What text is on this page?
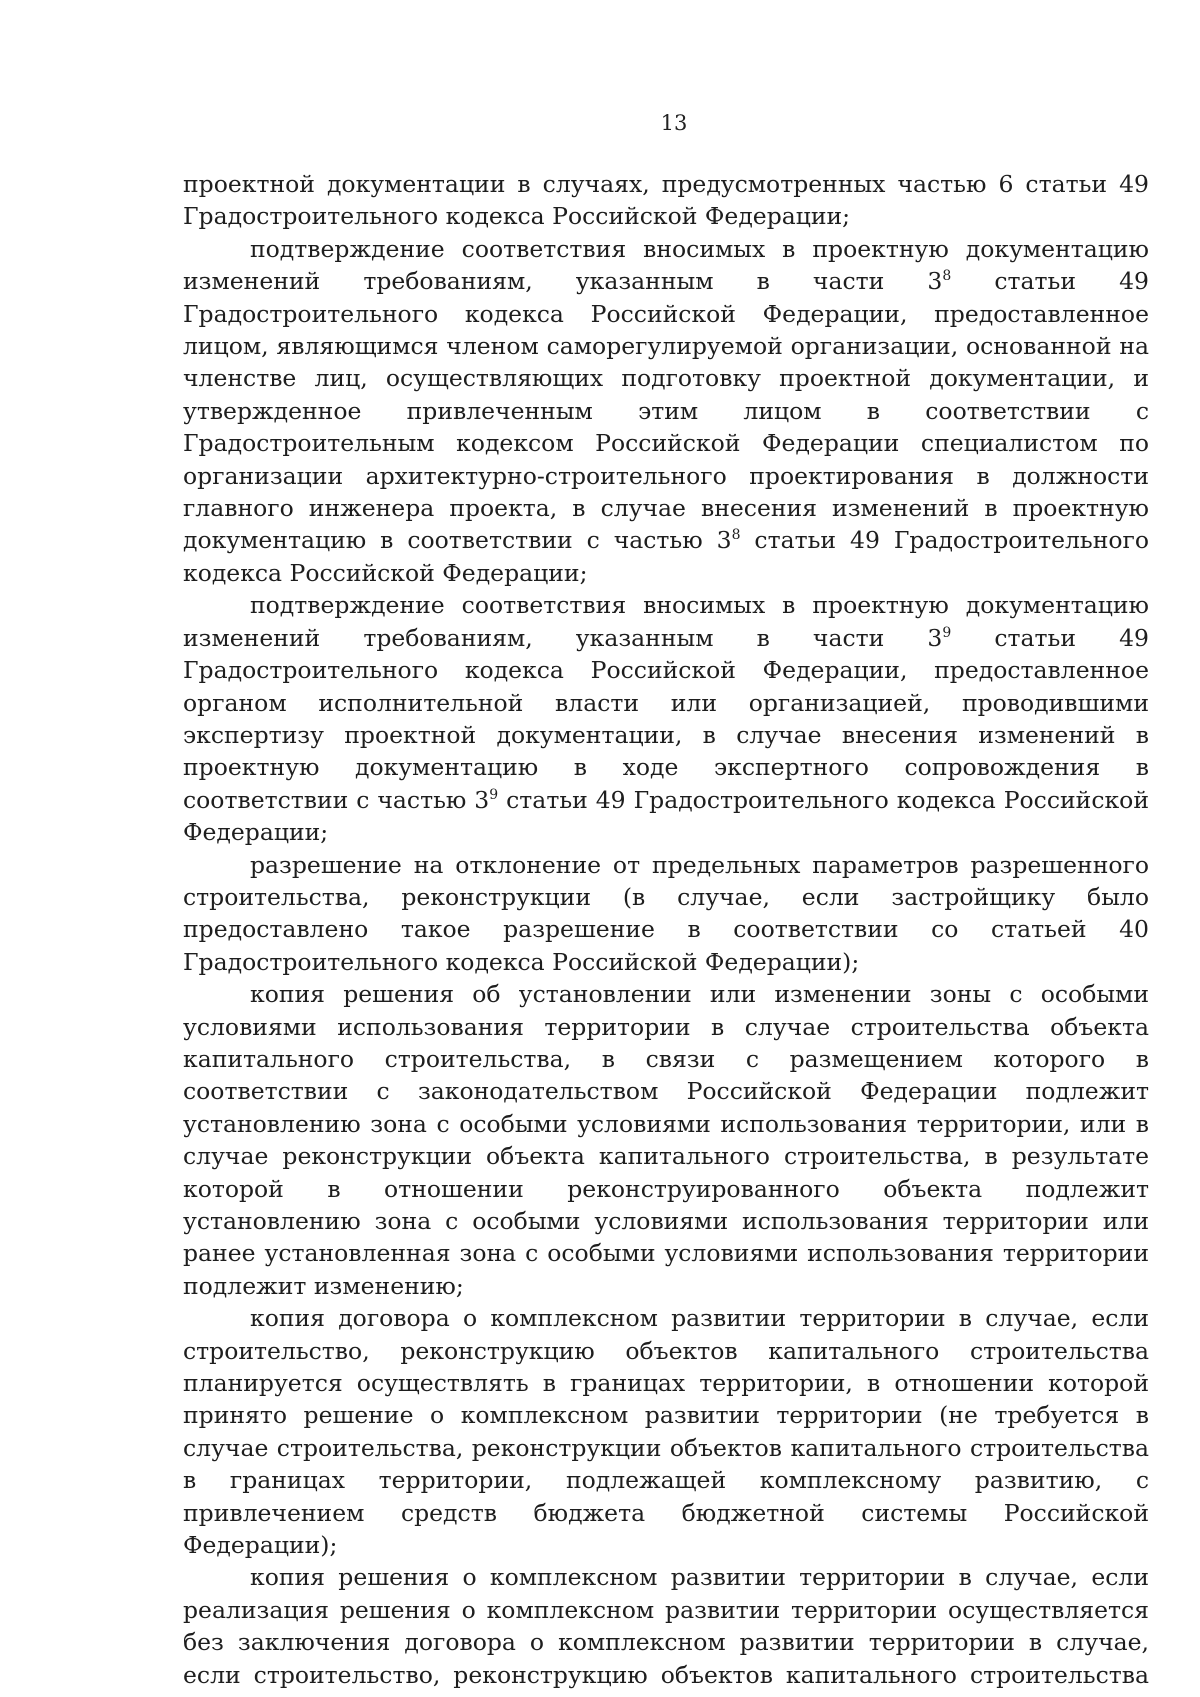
13

проектной документации в случаях, предусмотренных частью 6 статьи 49 Градостроительного кодекса Российской Федерации;

подтверждение соответствия вносимых в проектную документацию изменений требованиям, указанным в части $3^8$ статьи 49 Градостроительного кодекса Российской Федерации, предоставленное лицом, являющимся членом саморегулируемой организации, основанной на членстве лиц, осуществляющих подготовку проектной документации, и утвержденное привлеченным этим лицом в соответствии с Градостроительным кодексом Российской Федерации специалистом по организации архитектурно-строительного проектирования в должности главного инженера проекта, в случае внесения изменений в проектную документацию в соответствии с частью $3^8$ статьи 49 Градостроительного кодекса Российской Федерации;

подтверждение соответствия вносимых в проектную документацию изменений требованиям, указанным в части $3^9$ статьи 49 Градостроительного кодекса Российской Федерации, предоставленное органом исполнительной власти или организацией, проводившими экспертизу проектной документации, в случае внесения изменений в проектную документацию в ходе экспертного сопровождения в соответствии с частью $3^9$ статьи 49 Градостроительного кодекса Российской Федерации;

разрешение на отклонение от предельных параметров разрешенного строительства, реконструкции (в случае, если застройщику было предоставлено такое разрешение в соответствии со статьей 40 Градостроительного кодекса Российской Федерации);

копия решения об установлении или изменении зоны с особыми условиями использования территории в случае строительства объекта капитального строительства, в связи с размещением которого в соответствии с законодательством Российской Федерации подлежит установлению зона с особыми условиями использования территории, или в случае реконструкции объекта капитального строительства, в результате которой в отношении реконструированного объекта подлежит установлению зона с особыми условиями использования территории или ранее установленная зона с особыми условиями использования территории подлежит изменению;

копия договора о комплексном развитии территории в случае, если строительство, реконструкцию объектов капитального строительства планируется осуществлять в границах территории, в отношении которой принято решение о комплексном развитии территории (не требуется в случае строительства, реконструкции объектов капитального строительства в границах территории, подлежащей комплексному развитию, с привлечением средств бюджета бюджетной системы Российской Федерации);

копия решения о комплексном развитии территории в случае, если реализация решения о комплексном развитии территории осуществляется без заключения договора о комплексном развитии территории в случае, если строительство, реконструкцию объектов капитального строительства
